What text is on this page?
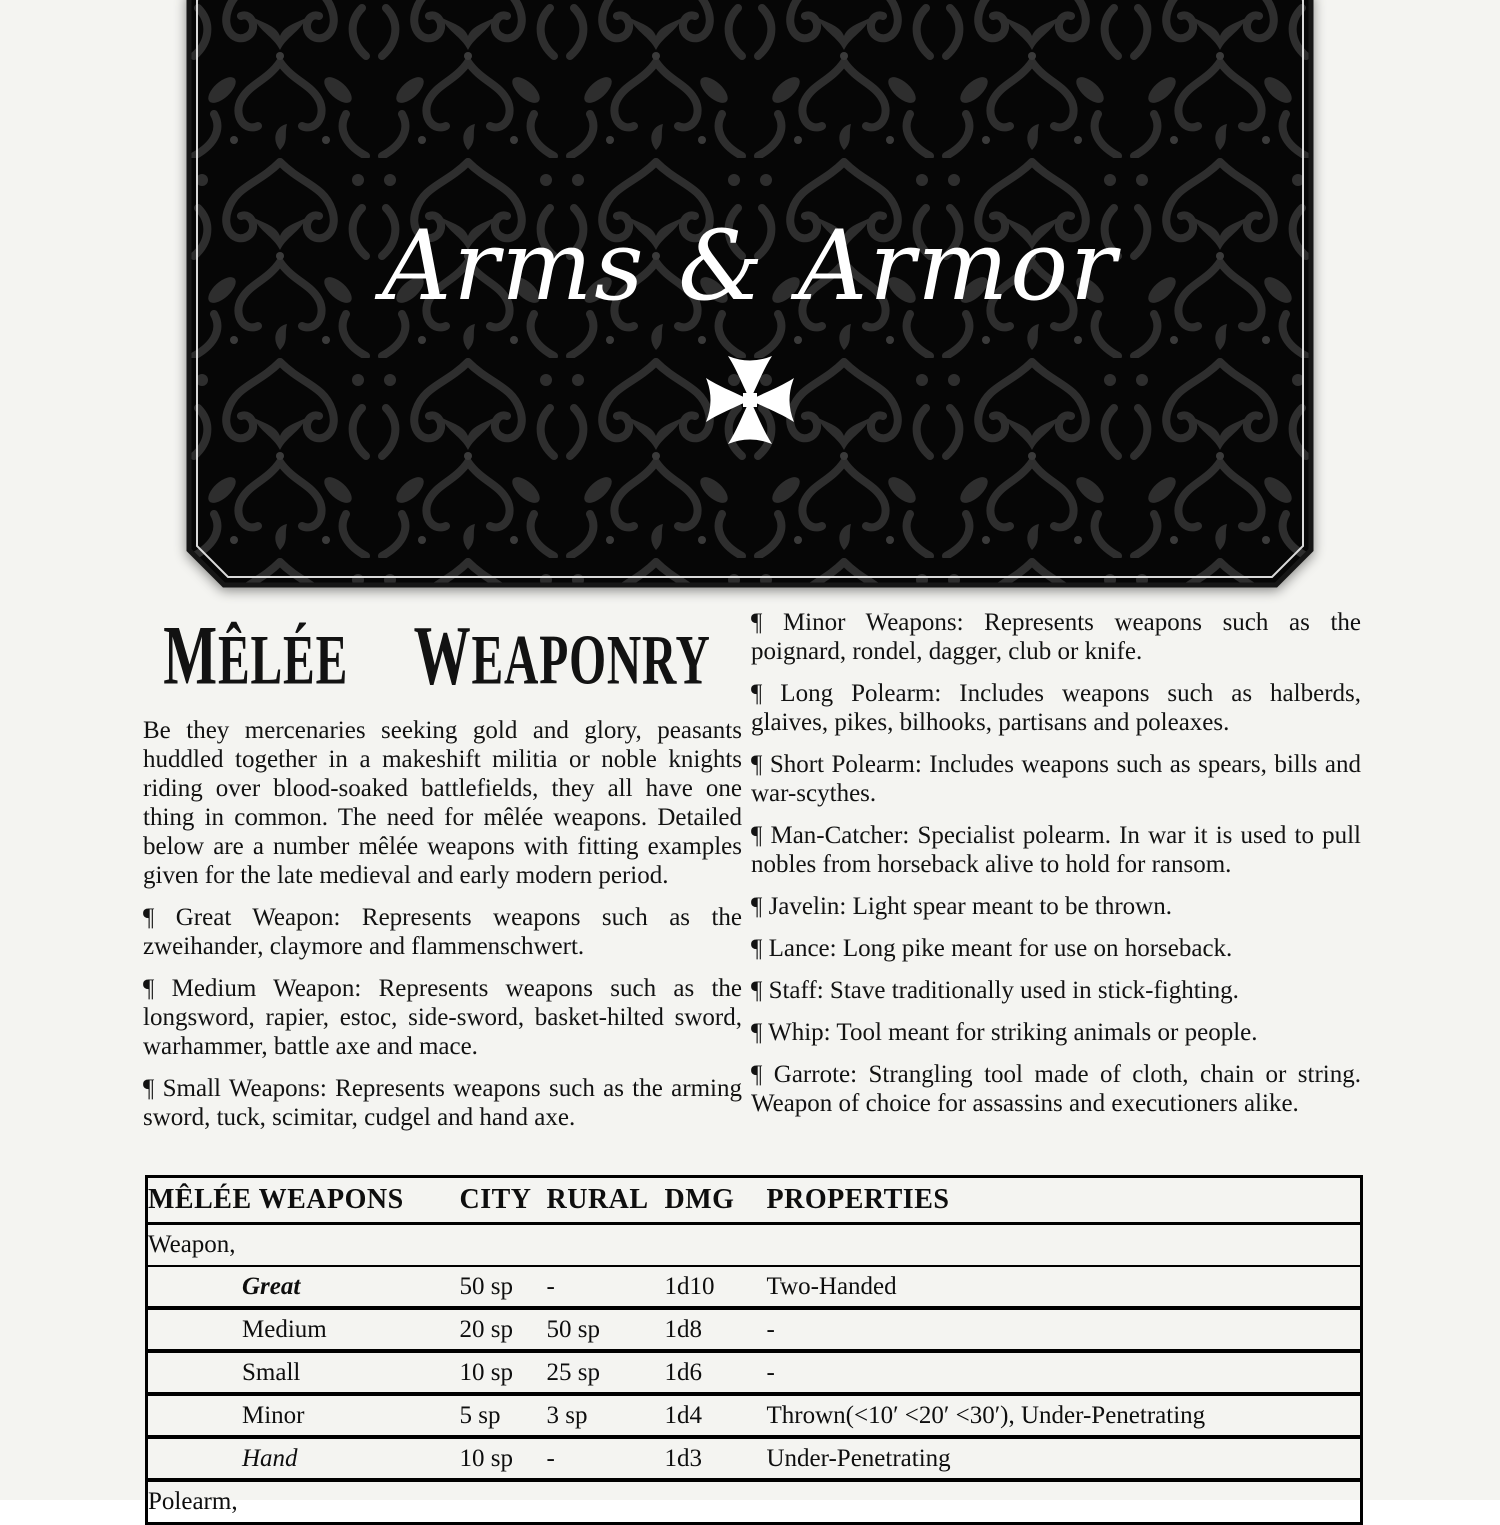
Arms & Armor
MÊLÉE WEAPONRY

Be they mercenaries seeking gold and glory, peasants huddled together in a makeshift militia or noble knights riding over blood-soaked battlefields, they all have one thing in common. The need for mêlée weapons. Detailed below are a number mêlée weapons with fitting examples given for the late medieval and early modern period.

¶ Great Weapon: Represents weapons such as the zweihander, claymore and flammenschwert.

¶ Medium Weapon: Represents weapons such as the longsword, rapier, estoc, side-sword, basket-hilted sword, warhammer, battle axe and mace.

¶ Small Weapons: Represents weapons such as the arming sword, tuck, scimitar, cudgel and hand axe.

¶ Minor Weapons: Represents weapons such as the poignard, rondel, dagger, club or knife.

¶ Long Polearm: Includes weapons such as halberds, glaives, pikes, bilhooks, partisans and poleaxes.

¶ Short Polearm: Includes weapons such as spears, bills and war-scythes.

¶ Man-Catcher: Specialist polearm. In war it is used to pull nobles from horseback alive to hold for ransom.

¶ Javelin: Light spear meant to be thrown.

¶ Lance: Long pike meant for use on horseback.

¶ Staff: Stave traditionally used in stick-fighting.

¶ Whip: Tool meant for striking animals or people.

¶ Garrote: Strangling tool made of cloth, chain or string. Weapon of choice for assassins and executioners alike.

MÊLÉE WEAPONS	CITY	RURAL	DMG	PROPERTIES
Weapon,				
Great	50 sp	-	1d10	Two-Handed
Medium	20 sp	50 sp	1d8	-
Small	10 sp	25 sp	1d6	-
Minor	5 sp	3 sp	1d4	Thrown(<10′ <20′ <30′), Under-Penetrating
Hand	10 sp	-	1d3	Under-Penetrating
Polearm,				
